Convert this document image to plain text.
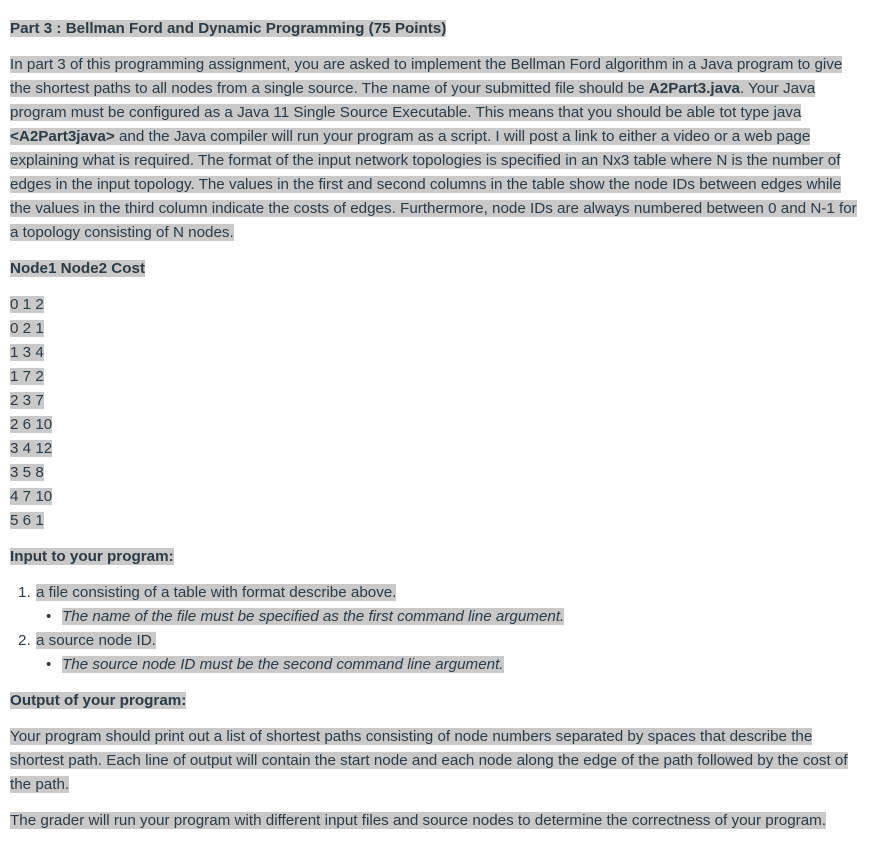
Part 3 : Bellman Ford and Dynamic Programming (75 Points)

In part 3 of this programming assignment, you are asked to implement the Bellman Ford algorithm in a Java program to give the shortest paths to all nodes from a single source. The name of your submitted file should be A2Part3.java. Your Java program must be configured as a Java 11 Single Source Executable. This means that you should be able tot type java <A2Part3java> and the Java compiler will run your program as a script. I will post a link to either a video or a web page explaining what is required. The format of the input network topologies is specified in an Nx3 table where N is the number of edges in the input topology. The values in the first and second columns in the table show the node IDs between edges while the values in the third column indicate the costs of edges. Furthermore, node IDs are always numbered between 0 and N-1 for a topology consisting of N nodes.

Node1 Node2 Cost
0 1 2
0 2 1
1 3 4
1 7 2
2 3 7
2 6 10
3 4 12
3 5 8
4 7 10
5 6 1
Input to your program:
1. a file consisting of a table with format describe above.
• The name of the file must be specified as the first command line argument.
2. a source node ID.
• The source node ID must be the second command line argument.
Output of your program:

Your program should print out a list of shortest paths consisting of node numbers separated by spaces that describe the shortest path. Each line of output will contain the start node and each node along the edge of the path followed by the cost of the path.

The grader will run your program with different input files and source nodes to determine the correctness of your program.
